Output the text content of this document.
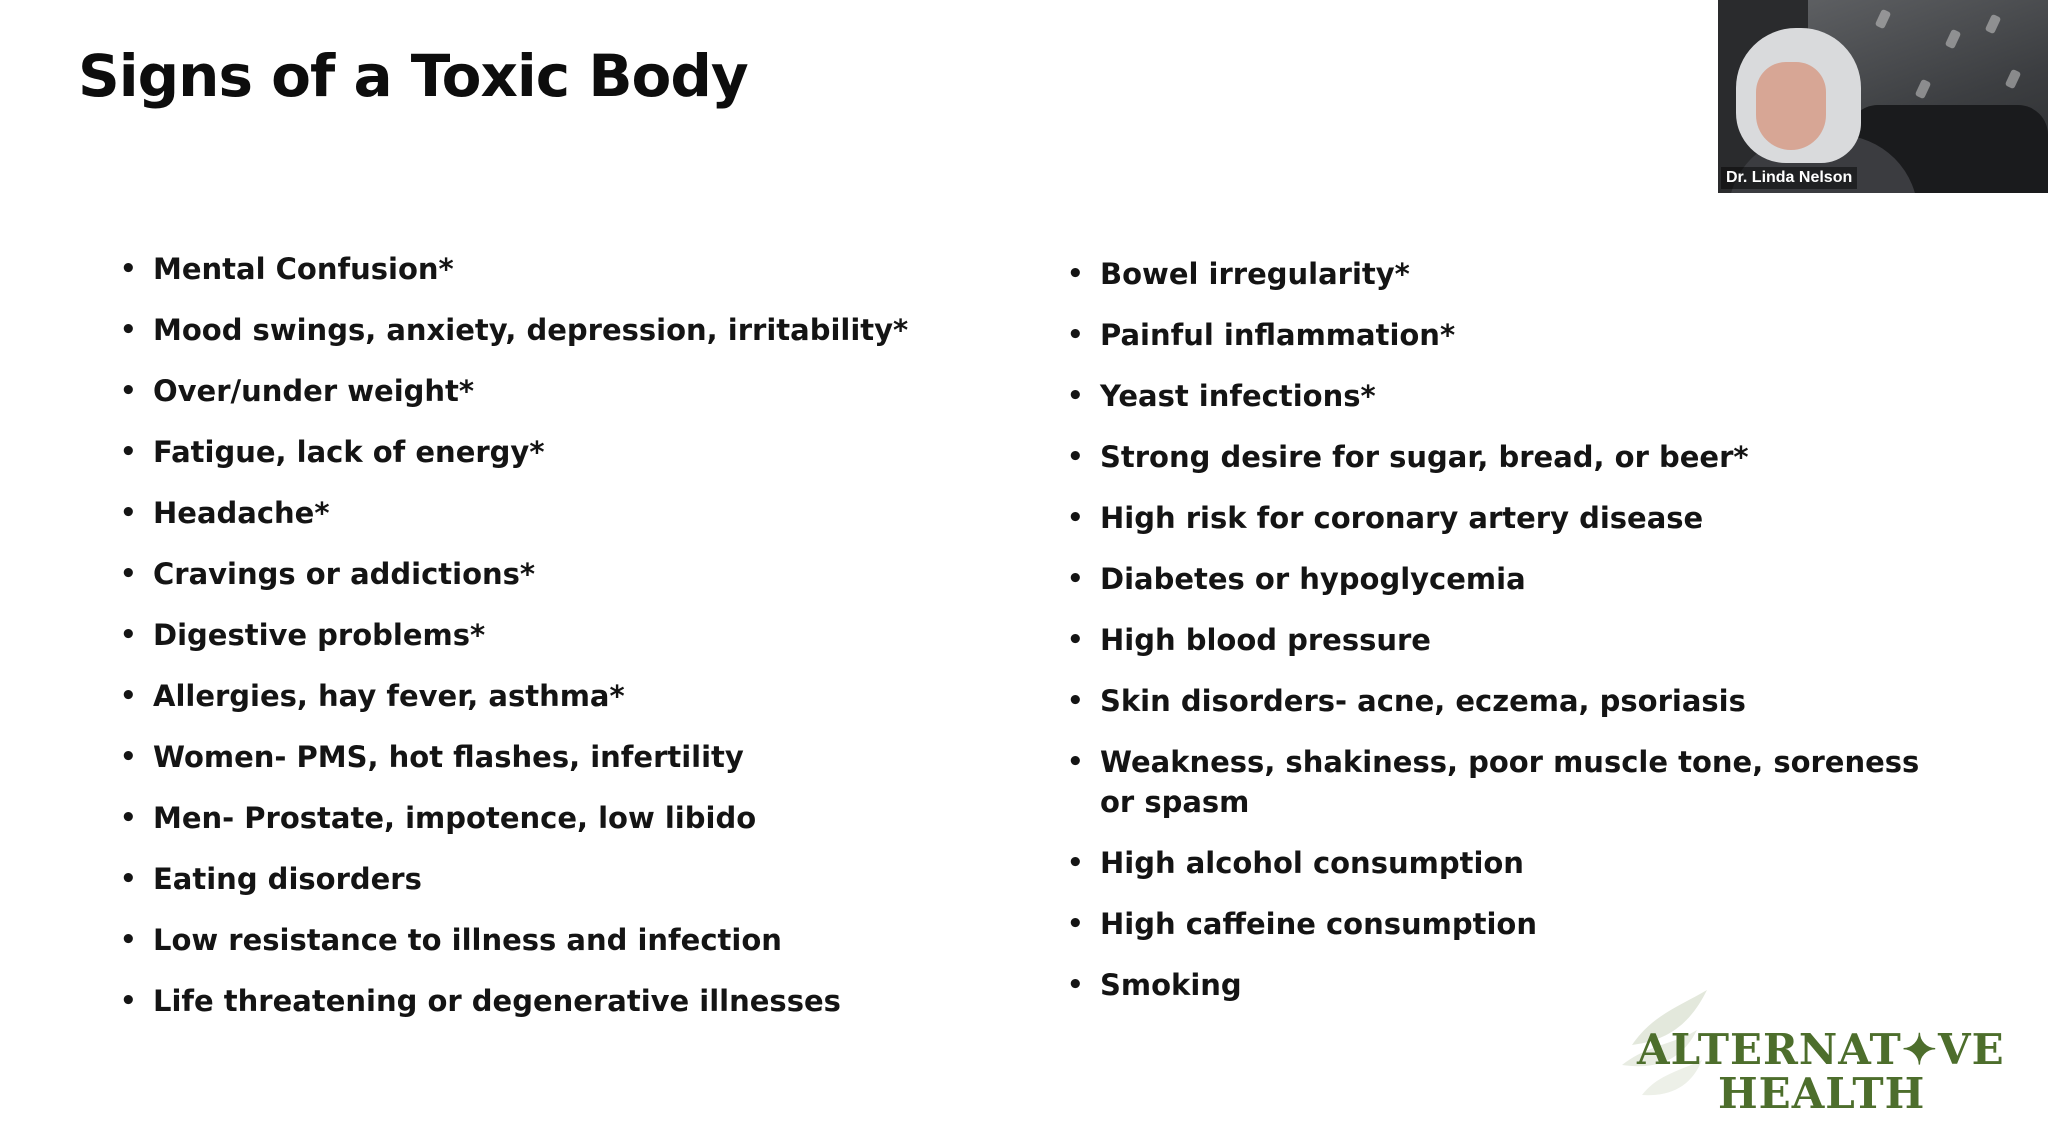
Signs of a Toxic Body
• Mental Confusion*
• Mood swings, anxiety, depression, irritability*
• Over/under weight*
• Fatigue, lack of energy*
• Headache*
• Cravings or addictions*
• Digestive problems*
• Allergies, hay fever, asthma*
• Women- PMS, hot flashes, infertility
• Men- Prostate, impotence, low libido
• Eating disorders
• Low resistance to illness and infection
• Life threatening or degenerative illnesses
• Bowel irregularity*
• Painful inflammation*
• Yeast infections*
• Strong desire for sugar, bread, or beer*
• High risk for coronary artery disease
• Diabetes or hypoglycemia
• High blood pressure
• Skin disorders- acne, eczema, psoriasis
• Weakness, shakiness, poor muscle tone, soreness or spasm
• High alcohol consumption
• High caffeine consumption
• Smoking
ALTERNAT✦VE
HEALTH
Dr. Linda Nelson
